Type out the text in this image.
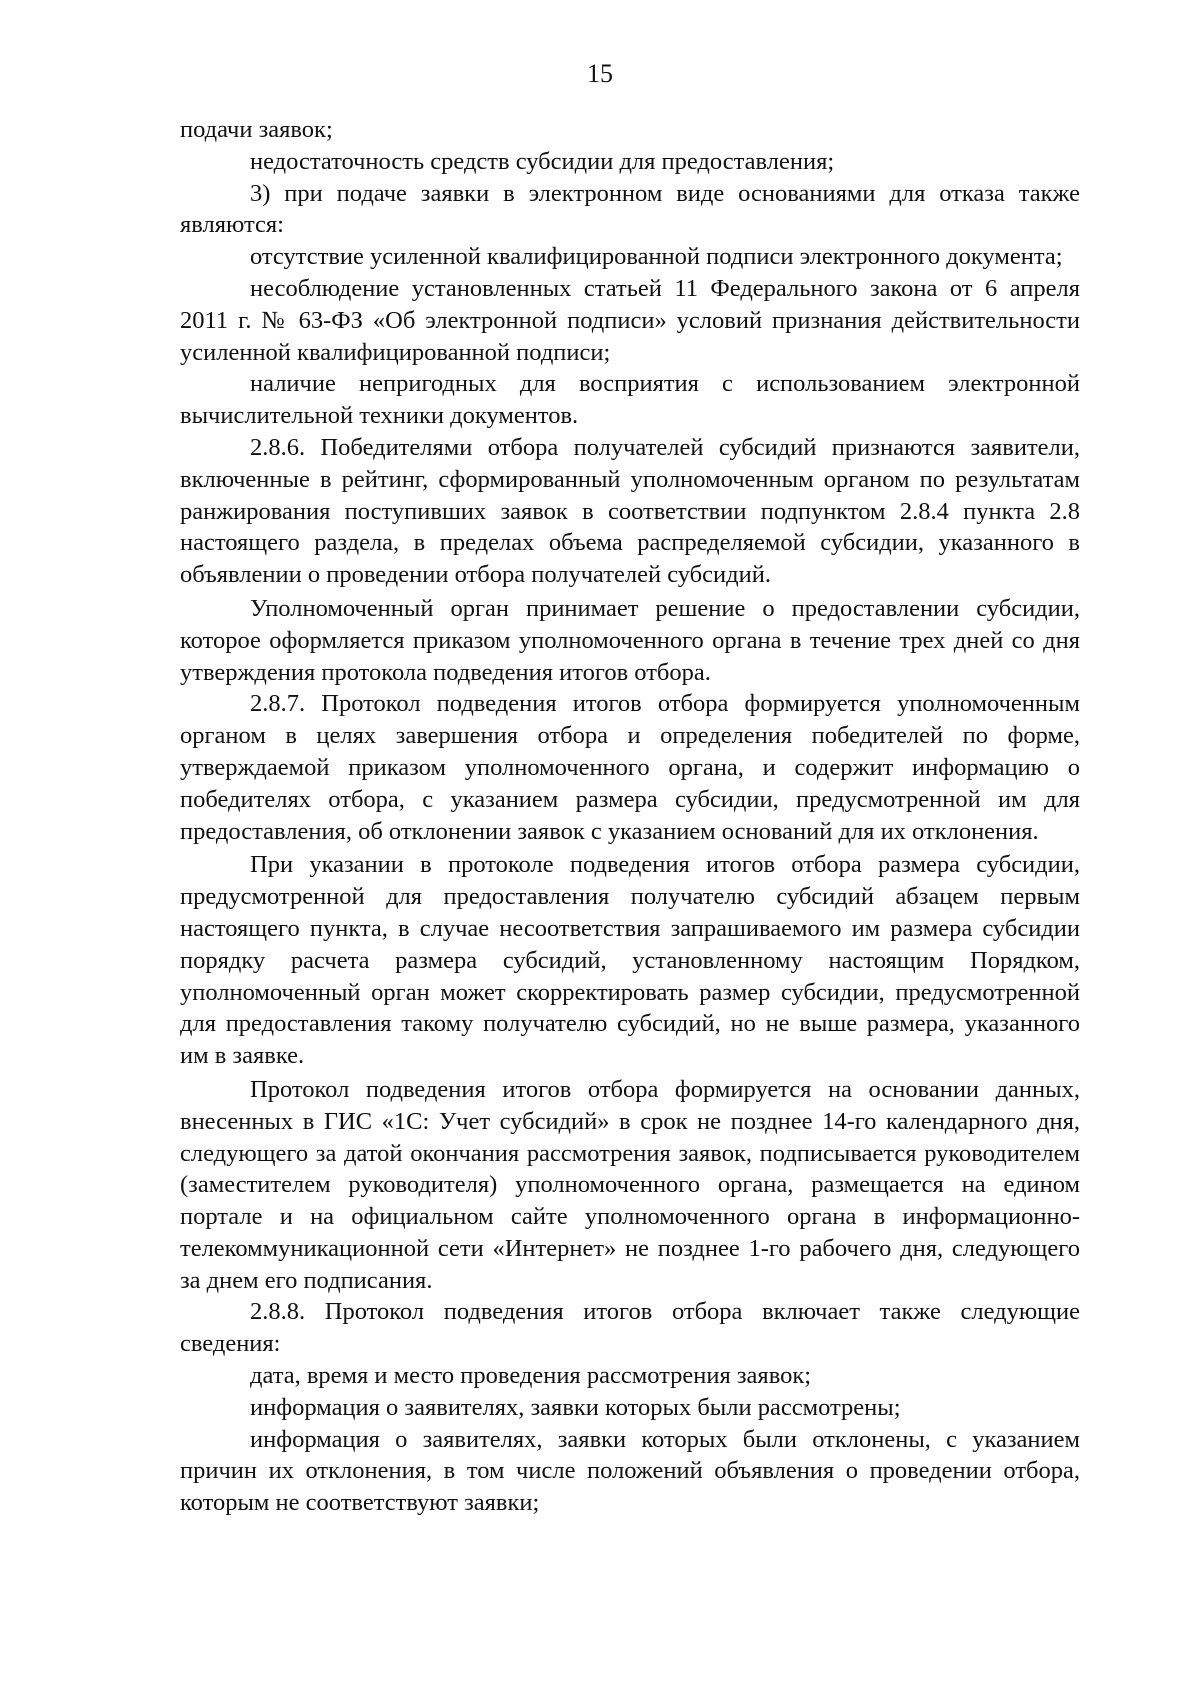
15

подачи заявок;

недостаточность средств субсидии для предоставления;

3) при подаче заявки в электронном виде основаниями для отказа также являются:

отсутствие усиленной квалифицированной подписи электронного документа;

несоблюдение установленных статьей 11 Федерального закона от 6 апреля 2011 г. № 63-ФЗ «Об электронной подписи» условий признания действительности усиленной квалифицированной подписи;

наличие непригодных для восприятия с использованием электронной вычислительной техники документов.

2.8.6. Победителями отбора получателей субсидий признаются заявители, включенные в рейтинг, сформированный уполномоченным органом по результатам ранжирования поступивших заявок в соответствии подпунктом 2.8.4 пункта 2.8 настоящего раздела, в пределах объема распределяемой субсидии, указанного в объявлении о проведении отбора получателей субсидий.

Уполномоченный орган принимает решение о предоставлении субсидии, которое оформляется приказом уполномоченного органа в течение трех дней со дня утверждения протокола подведения итогов отбора.

2.8.7. Протокол подведения итогов отбора формируется уполномоченным органом в целях завершения отбора и определения победителей по форме, утверждаемой приказом уполномоченного органа, и содержит информацию о победителях отбора, с указанием размера субсидии, предусмотренной им для предоставления, об отклонении заявок с указанием оснований для их отклонения.

При указании в протоколе подведения итогов отбора размера субсидии, предусмотренной для предоставления получателю субсидий абзацем первым настоящего пункта, в случае несоответствия запрашиваемого им размера субсидии порядку расчета размера субсидий, установленному настоящим Порядком, уполномоченный орган может скорректировать размер субсидии, предусмотренной для предоставления такому получателю субсидий, но не выше размера, указанного им в заявке.

Протокол подведения итогов отбора формируется на основании данных, внесенных в ГИС «1С: Учет субсидий» в срок не позднее 14-го календарного дня, следующего за датой окончания рассмотрения заявок, подписывается руководителем (заместителем руководителя) уполномоченного органа, размещается на едином портале и на официальном сайте уполномоченного органа в информационно-телекоммуникационной сети «Интернет» не позднее 1-го рабочего дня, следующего за днем его подписания.

2.8.8. Протокол подведения итогов отбора включает также следующие сведения:

дата, время и место проведения рассмотрения заявок;

информация о заявителях, заявки которых были рассмотрены;

информация о заявителях, заявки которых были отклонены, с указанием причин их отклонения, в том числе положений объявления о проведении отбора, которым не соответствуют заявки;
